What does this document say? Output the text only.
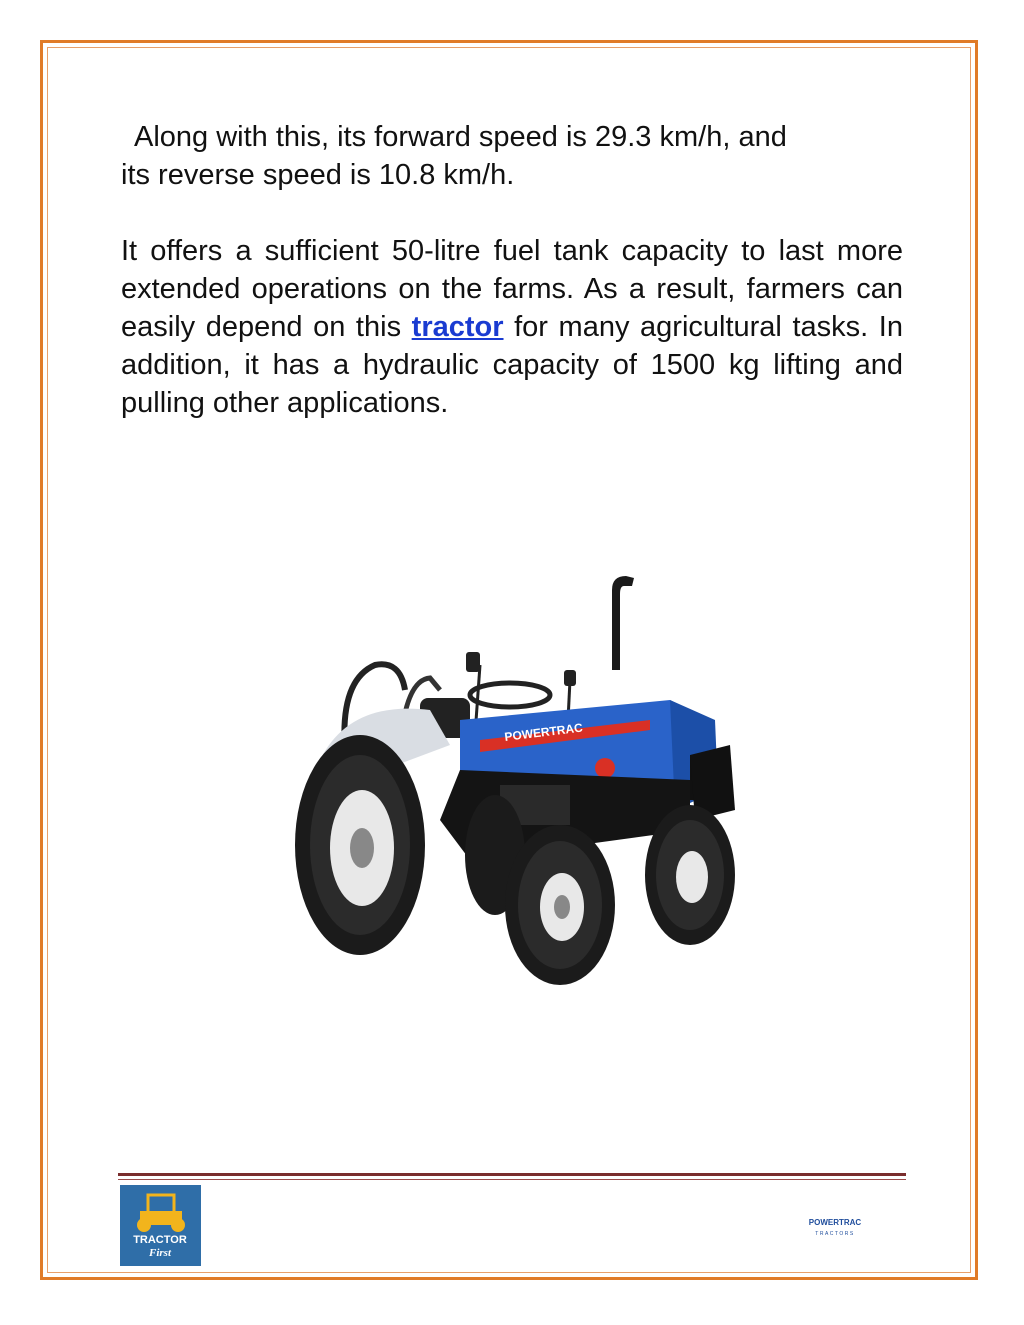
Along with this, its forward speed is 29.3 km/h, and
its reverse speed is 10.8 km/h.

It offers a sufficient 50-litre fuel tank capacity to last more extended operations on the farms. As a result, farmers can easily depend on this tractor for many agricultural tasks. In addition, it has a hydraulic capacity of 1500 kg lifting and pulling other applications.

POWERTRAC
TRACTOR
First
POWERTRAC
TRACTORS
